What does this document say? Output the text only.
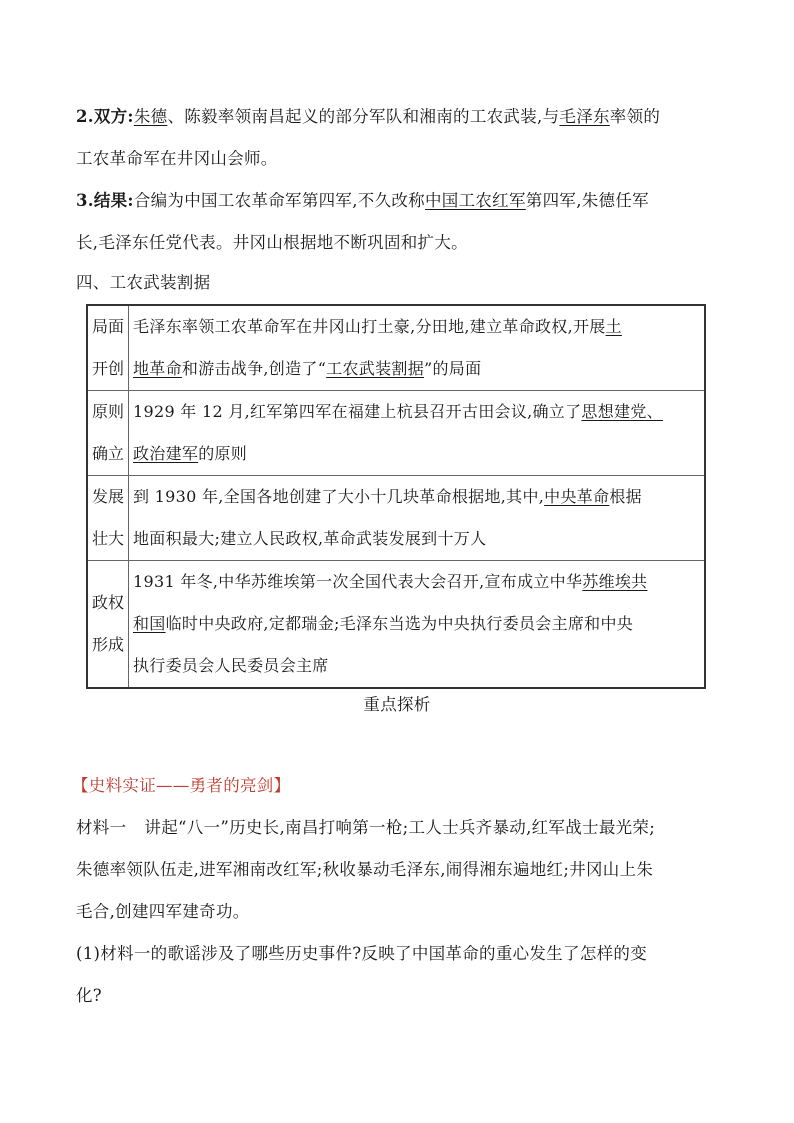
2.双方:朱德、陈毅率领南昌起义的部分军队和湘南的工农武装,与毛泽东率领的
工农革命军在井冈山会师。
3.结果:合编为中国工农革命军第四军,不久改称中国工农红军第四军,朱德任军
长,毛泽东任党代表。井冈山根据地不断巩固和扩大。
四、工农武装割据
局面
开创	毛泽东率领工农革命军在井冈山打土豪,分田地,建立革命政权,开展土
地革命和游击战争,创造了“工农武装割据”的局面

原则
确立	1929 年 12 月,红军第四军在福建上杭县召开古田会议,确立了思想建党、
政治建军的原则

发展
壮大	到 1930 年,全国各地创建了大小十几块革命根据地,其中,中央革命根据
地面积最大;建立人民政权,革命武装发展到十万人

政权
形成	1931 年冬,中华苏维埃第一次全国代表大会召开,宣布成立中华苏维埃共
和国临时中央政府,定都瑞金;毛泽东当选为中央执行委员会主席和中央
执行委员会人民委员会主席
重点探析
【史料实证——勇者的亮剑】
材料一 讲起“八一”历史长,南昌打响第一枪;工人士兵齐暴动,红军战士最光荣;
朱德率领队伍走,进军湘南改红军;秋收暴动毛泽东,闹得湘东遍地红;井冈山上朱
毛合,创建四军建奇功。
(1)材料一的歌谣涉及了哪些历史事件?反映了中国革命的重心发生了怎样的变
化?
